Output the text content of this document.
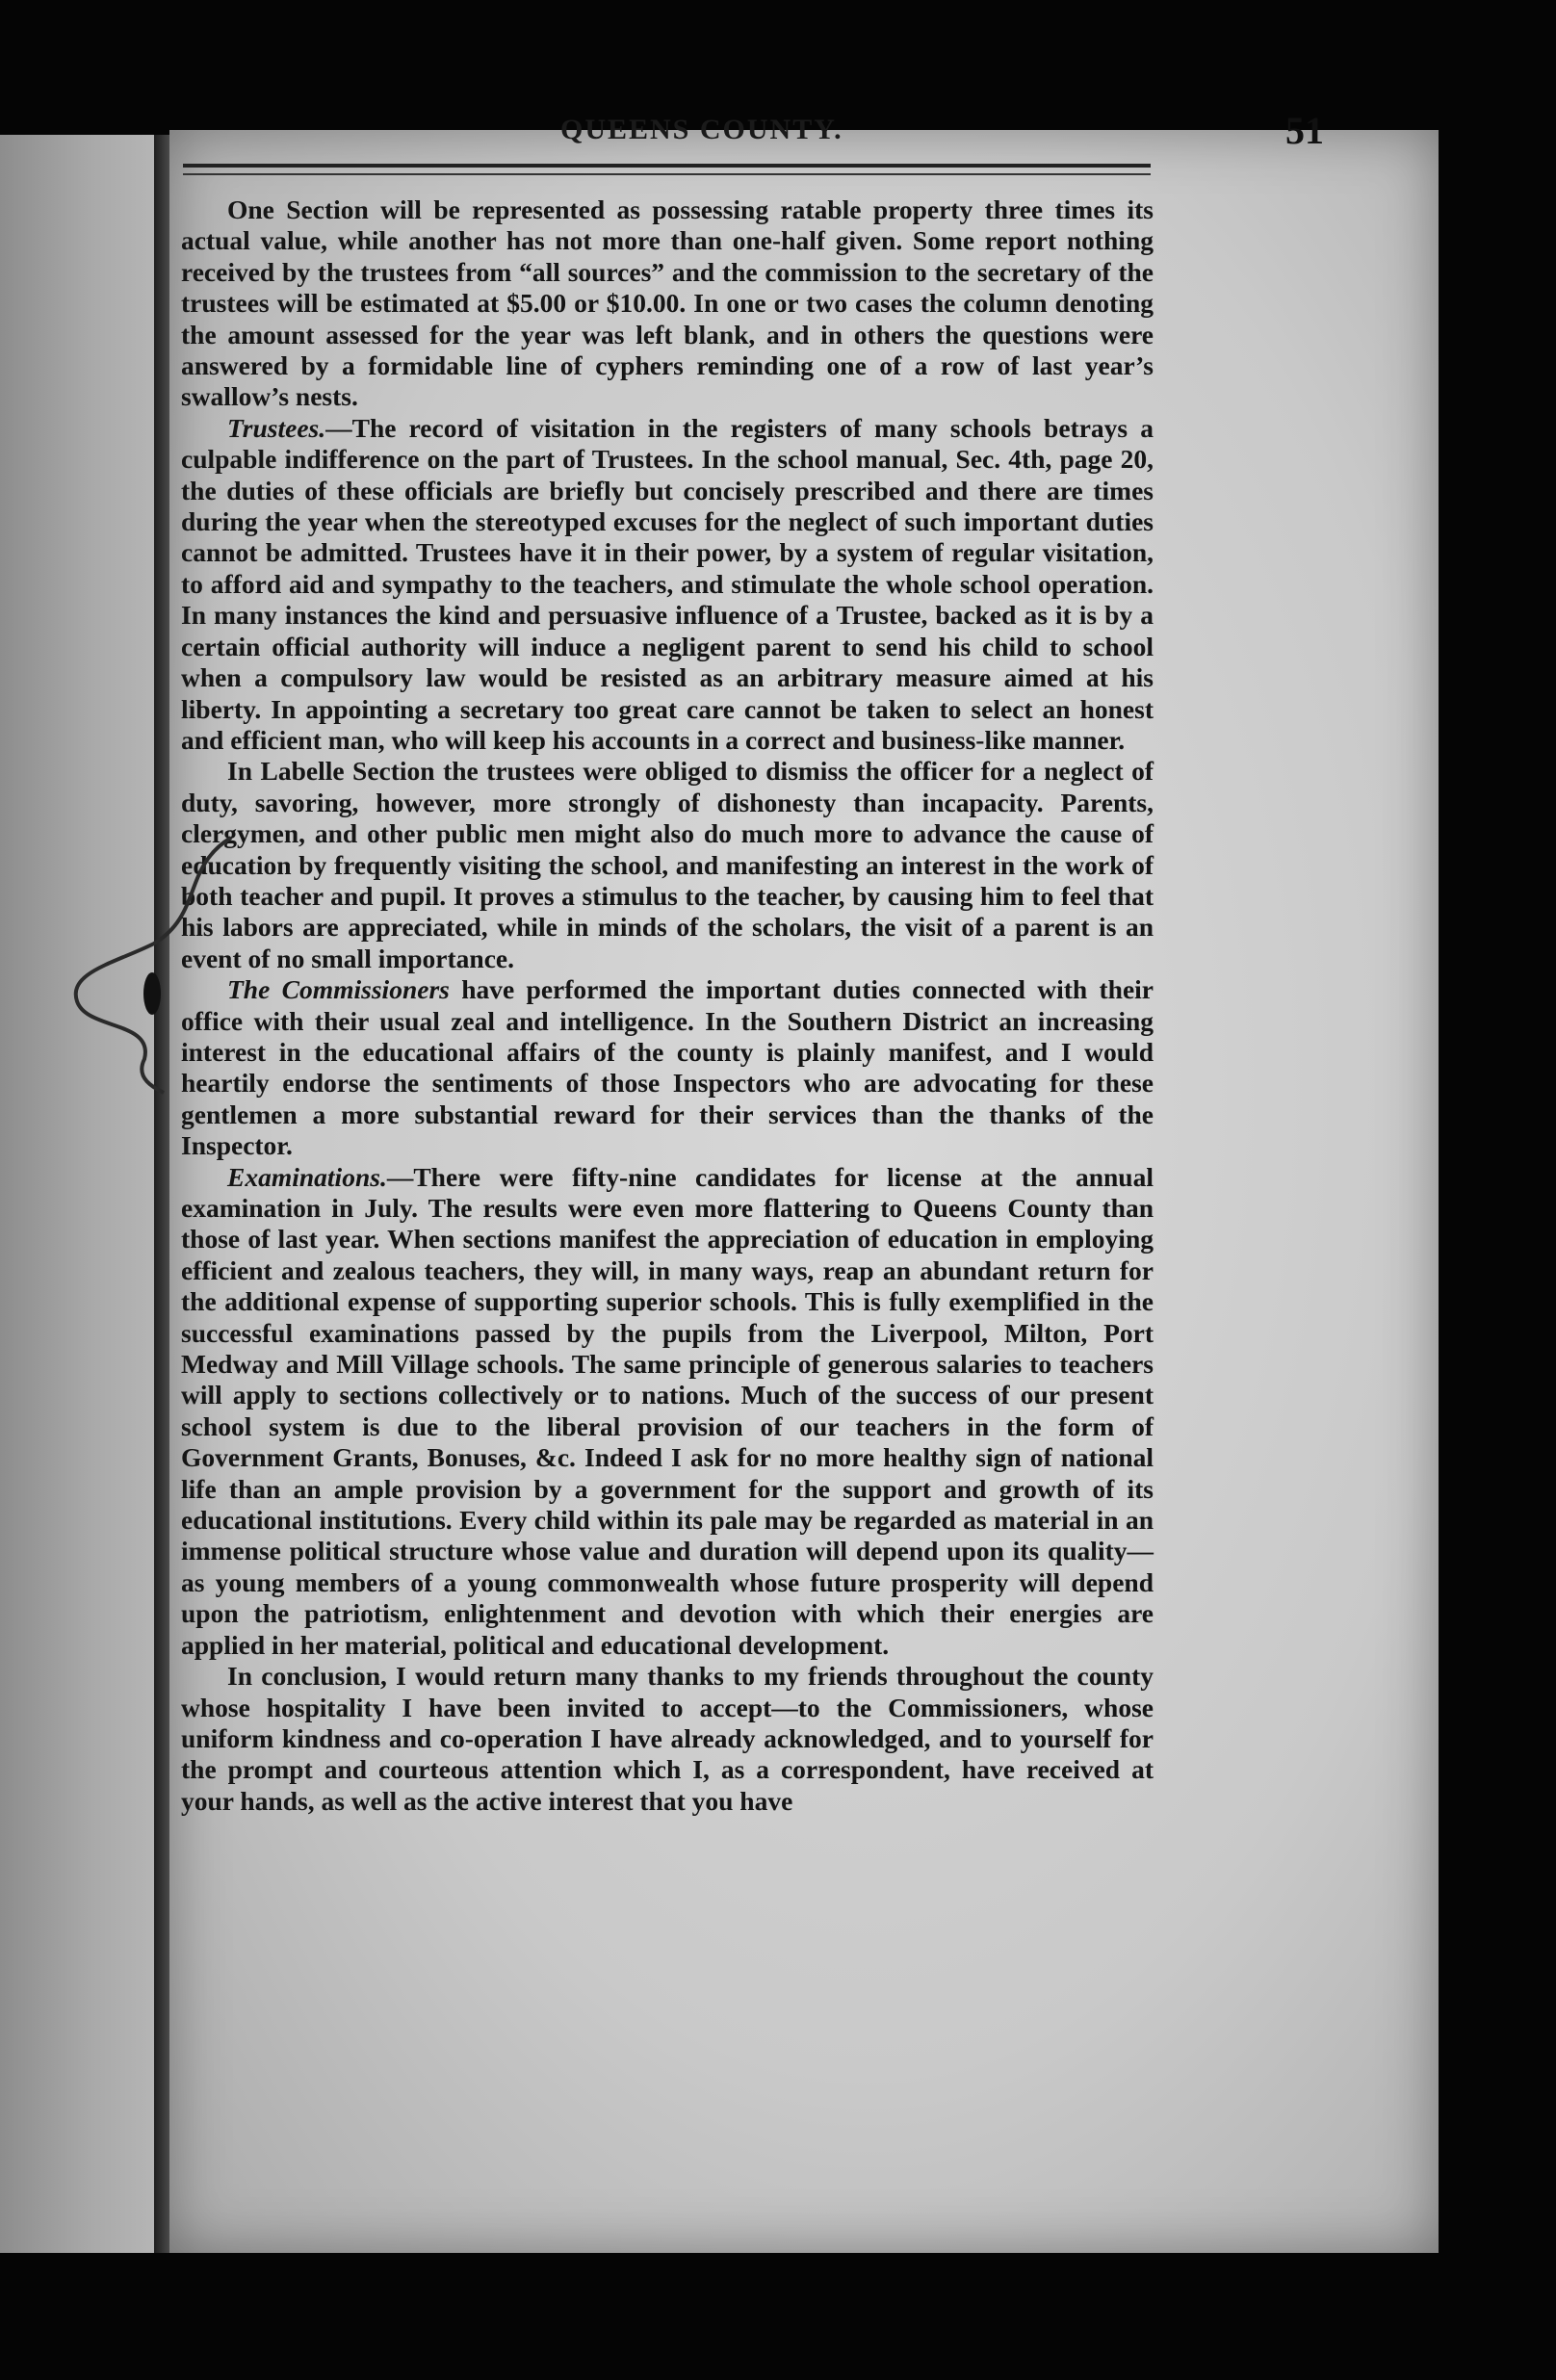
QUEENS COUNTY.	51

One Section will be represented as possessing ratable property three times its actual value, while another has not more than one-half given. Some report nothing received by the trustees from “all sources” and the commission to the secretary of the trustees will be estimated at $5.00 or $10.00. In one or two cases the column denoting the amount assessed for the year was left blank, and in others the questions were answered by a formidable line of cyphers reminding one of a row of last year’s swallow’s nests.

Trustees.—The record of visitation in the registers of many schools betrays a culpable indifference on the part of Trustees. In the school manual, Sec. 4th, page 20, the duties of these officials are briefly but concisely prescribed and there are times during the year when the stereotyped excuses for the neglect of such important duties cannot be admitted. Trustees have it in their power, by a system of regular visitation, to afford aid and sympathy to the teachers, and stimulate the whole school operation. In many instances the kind and persuasive influence of a Trustee, backed as it is by a certain official authority will induce a negligent parent to send his child to school when a compulsory law would be resisted as an arbitrary measure aimed at his liberty. In appointing a secretary too great care cannot be taken to select an honest and efficient man, who will keep his accounts in a correct and business-like manner.

In Labelle Section the trustees were obliged to dismiss the officer for a neglect of duty, savoring, however, more strongly of dishonesty than incapacity. Parents, clergymen, and other public men might also do much more to advance the cause of education by frequently visiting the school, and manifesting an interest in the work of both teacher and pupil. It proves a stimulus to the teacher, by causing him to feel that his labors are appreciated, while in minds of the scholars, the visit of a parent is an event of no small importance.

The Commissioners have performed the important duties connected with their office with their usual zeal and intelligence. In the Southern District an increasing interest in the educational affairs of the county is plainly manifest, and I would heartily endorse the sentiments of those Inspectors who are advocating for these gentlemen a more substantial reward for their services than the thanks of the Inspector.

Examinations.—There were fifty-nine candidates for license at the annual examination in July. The results were even more flattering to Queens County than those of last year. When sections manifest the appreciation of education in employing efficient and zealous teachers, they will, in many ways, reap an abundant return for the additional expense of supporting superior schools. This is fully exemplified in the successful examinations passed by the pupils from the Liverpool, Milton, Port Medway and Mill Village schools. The same principle of generous salaries to teachers will apply to sections collectively or to nations. Much of the success of our present school system is due to the liberal provision of our teachers in the form of Government Grants, Bonuses, &c. Indeed I ask for no more healthy sign of national life than an ample provision by a government for the support and growth of its educational institutions. Every child within its pale may be regarded as material in an immense political structure whose value and duration will depend upon its quality—as young members of a young commonwealth whose future prosperity will depend upon the patriotism, enlightenment and devotion with which their energies are applied in her material, political and educational development.

In conclusion, I would return many thanks to my friends throughout the county whose hospitality I have been invited to accept—to the Commissioners, whose uniform kindness and co-operation I have already acknowledged, and to yourself for the prompt and courteous attention which I, as a correspondent, have received at your hands, as well as the active interest that you have
